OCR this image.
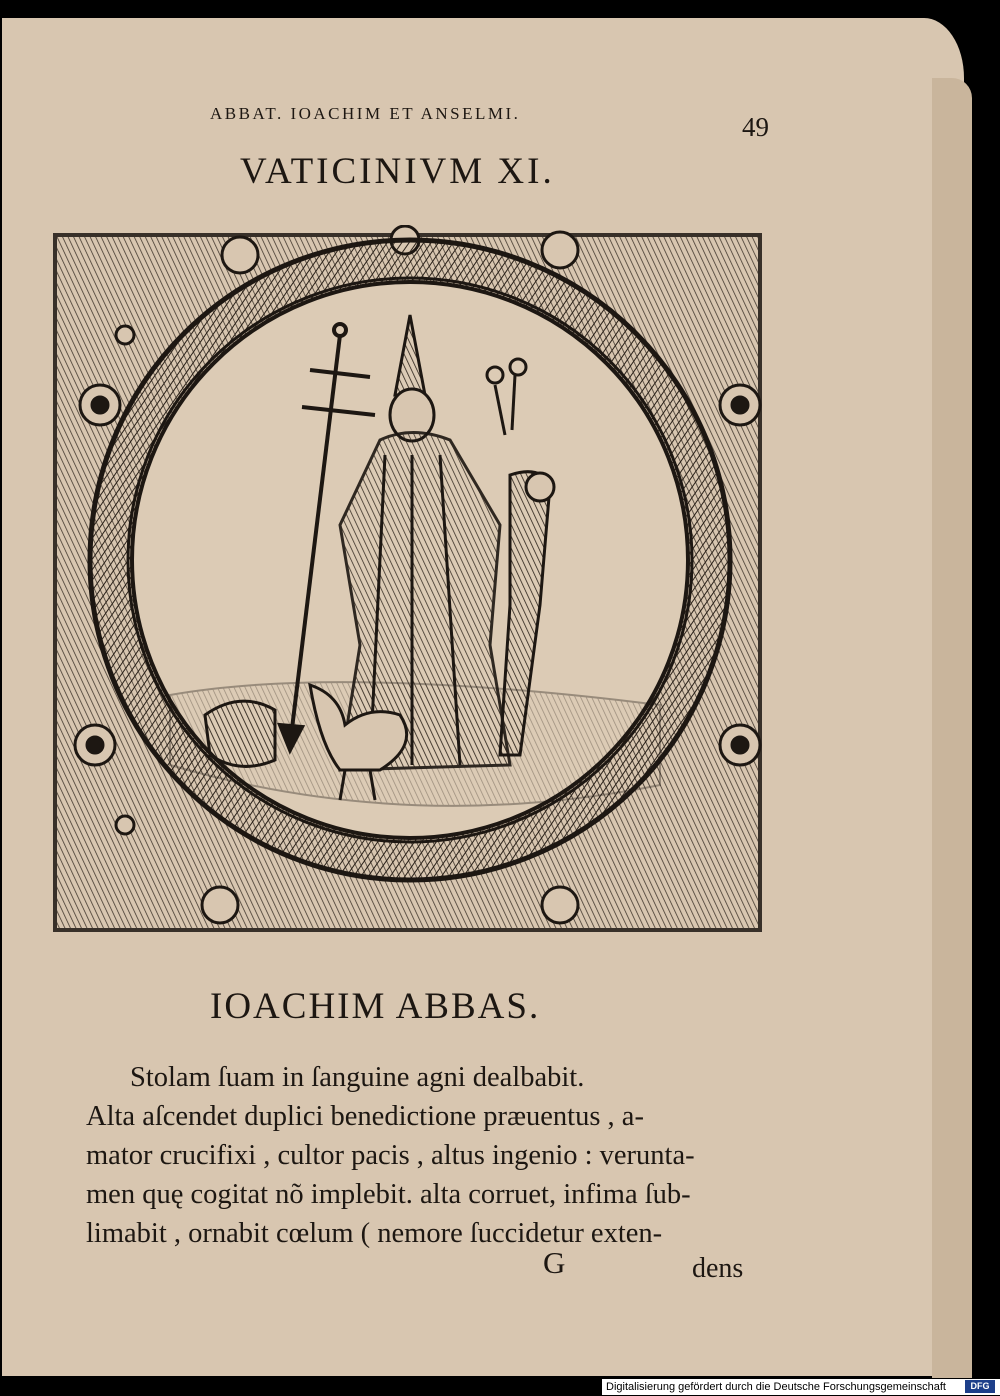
ABBAT. IOACHIM ET ANSELMI.	49
VATICINIVM XI.
IOACHIM ABBAS.
Stolam ſuam in ſanguine agni dealbabit.
Alta aſcendet duplici benedictione præuentus , a-
mator crucifixi , cultor pacis , altus ingenio : verunta-
men quę cogitat nõ implebit. alta corruet, infima ſub-
limabit , ornabit cœlum ( nemore ſuccidetur exten-
G	dens
Digitalisierung gefördert durch die Deutsche Forschungsgemeinschaft	DFG
